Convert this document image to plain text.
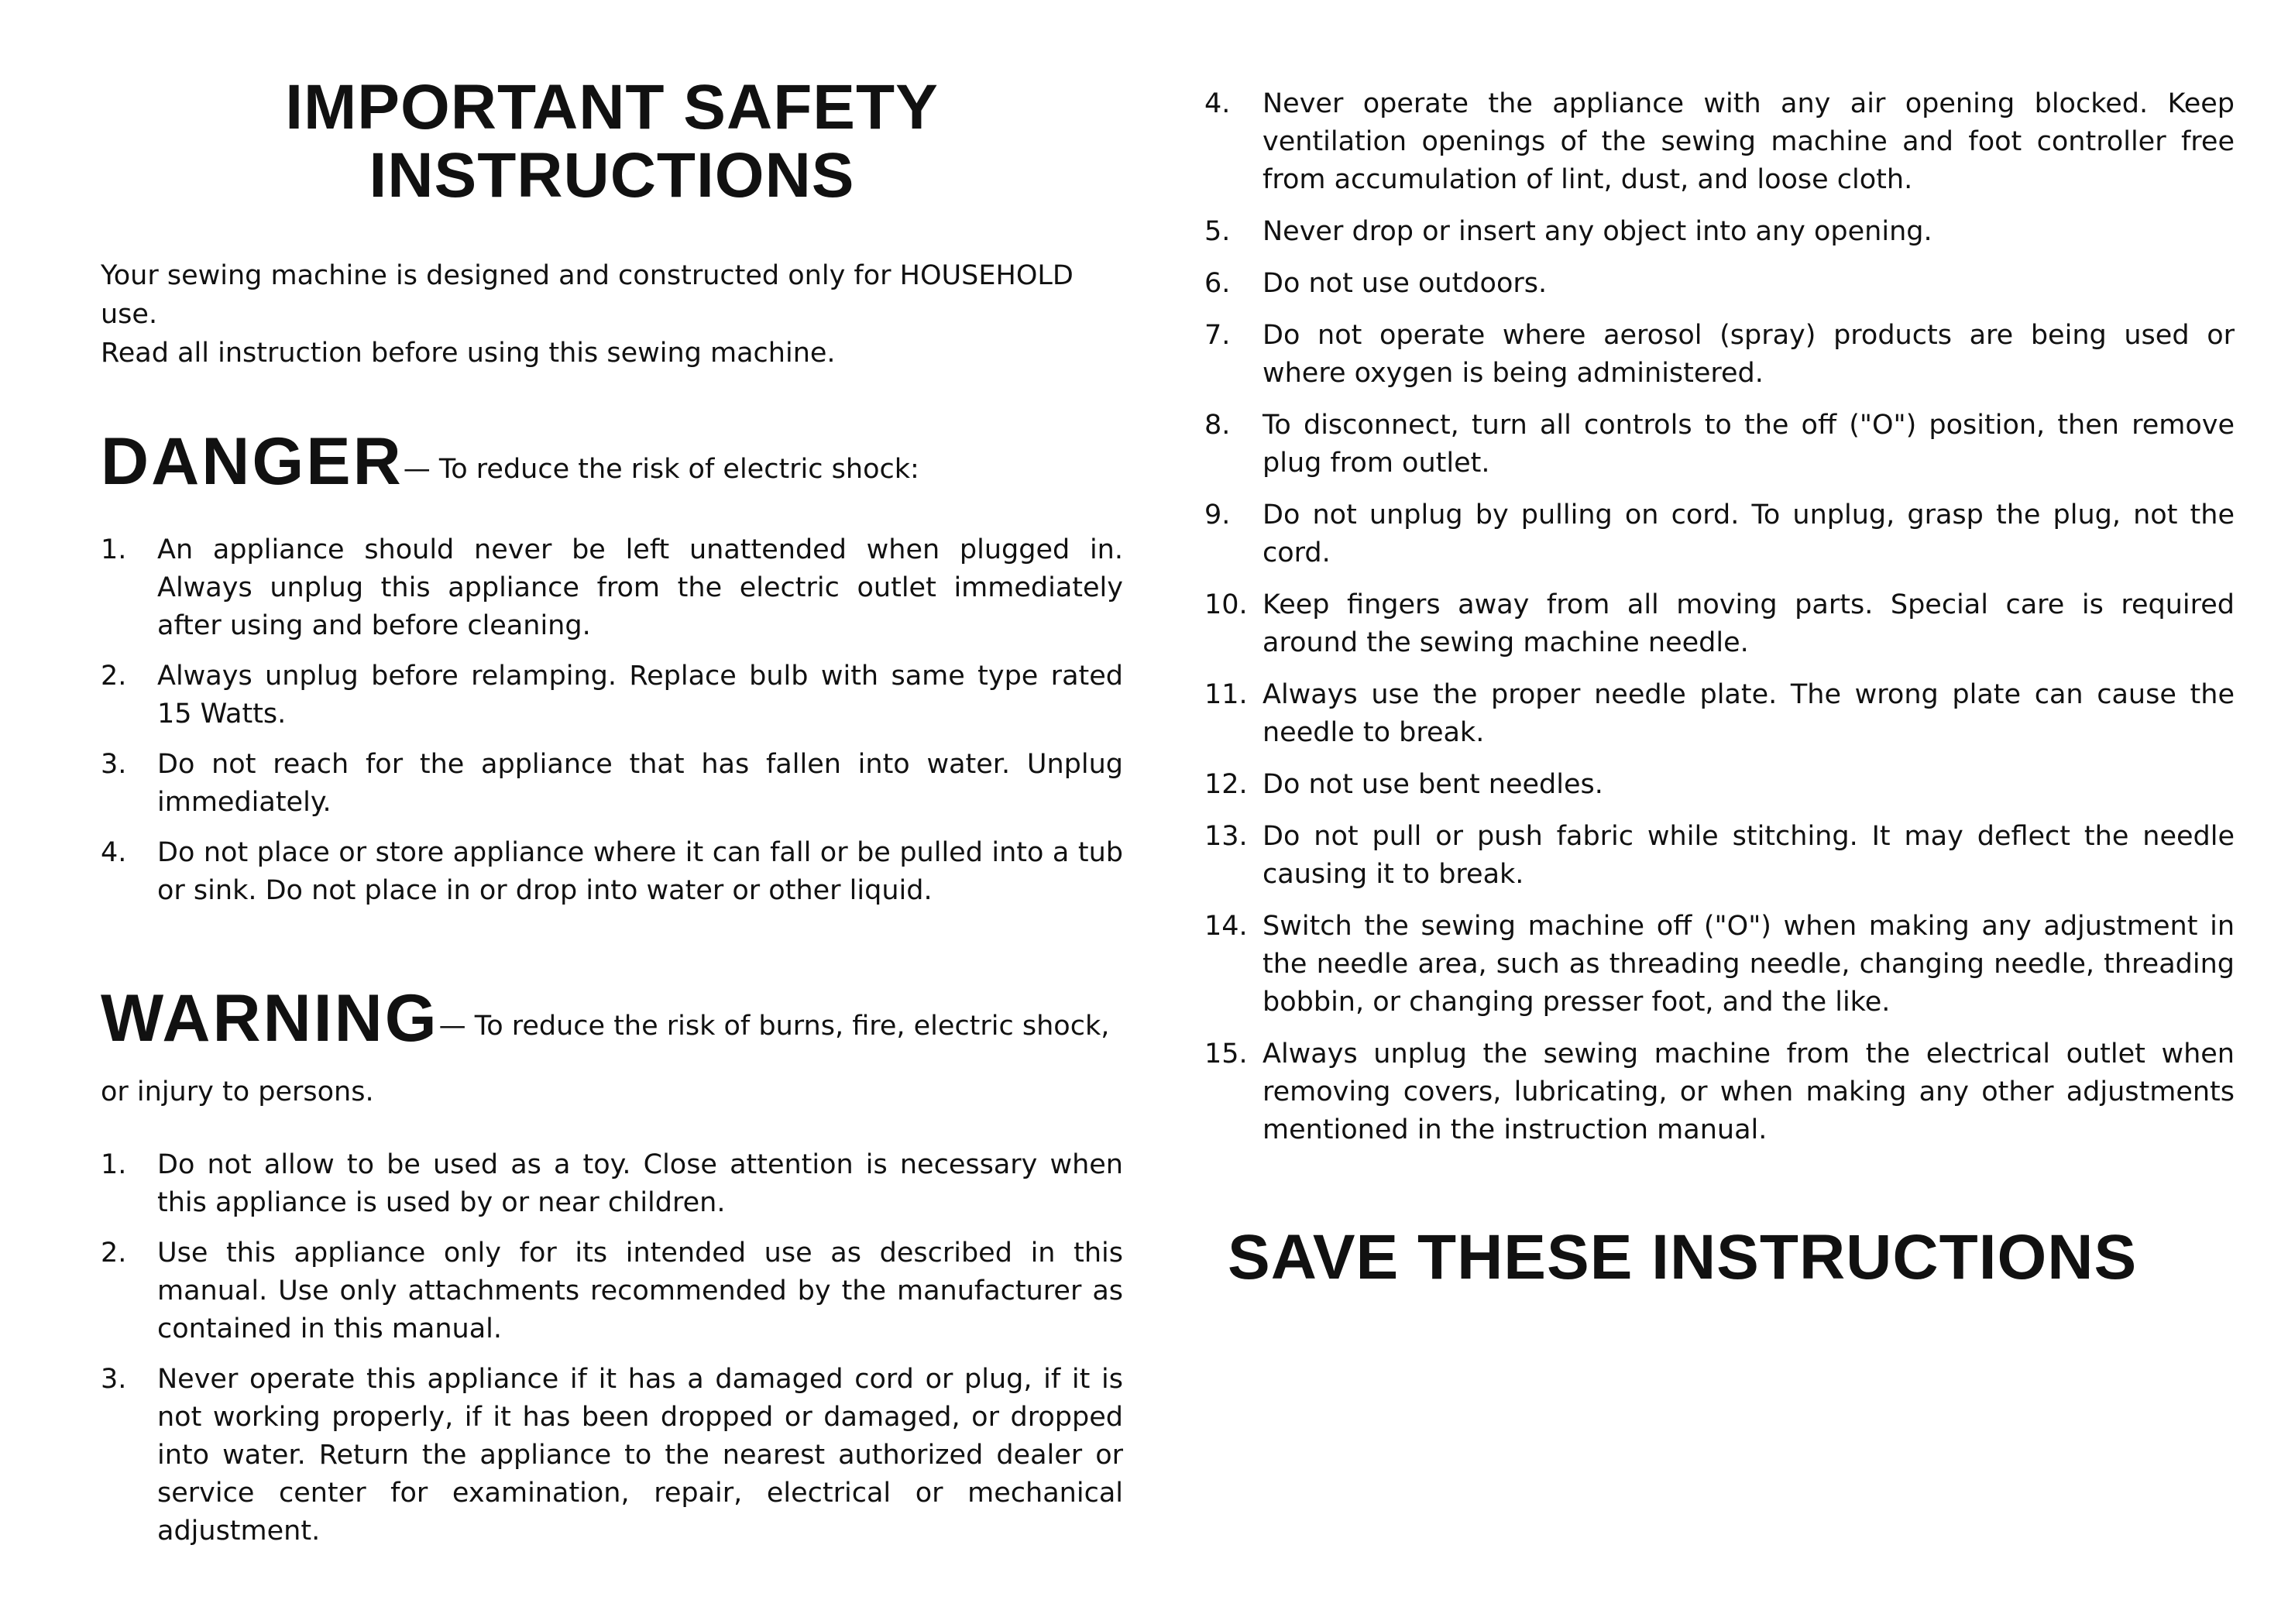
IMPORTANT SAFETY INSTRUCTIONS
Your sewing machine is designed and constructed only for HOUSEHOLD use.
Read all instruction before using this sewing machine.
DANGER— To reduce the risk of electric shock:
1. An appliance should never be left unattended when plugged in. Always unplug this appliance from the electric outlet immediately after using and before cleaning.
2. Always unplug before relamping. Replace bulb with same type rated 15 Watts.
3. Do not reach for the appliance that has fallen into water. Unplug immediately.
4. Do not place or store appliance where it can fall or be pulled into a tub or sink. Do not place in or drop into water or other liquid.
WARNING— To reduce the risk of burns, fire, electric shock,
or injury to persons.
1. Do not allow to be used as a toy. Close attention is necessary when this appliance is used by or near children.
2. Use this appliance only for its intended use as described in this manual. Use only attachments recommended by the manufacturer as contained in this manual.
3. Never operate this appliance if it has a damaged cord or plug, if it is not working properly, if it has been dropped or damaged, or dropped into water. Return the appliance to the nearest authorized dealer or service center for examination, repair, electrical or mechanical adjustment.
4. Never operate the appliance with any air opening blocked. Keep ventilation openings of the sewing machine and foot controller free from accumulation of lint, dust, and loose cloth.
5. Never drop or insert any object into any opening.
6. Do not use outdoors.
7. Do not operate where aerosol (spray) products are being used or where oxygen is being administered.
8. To disconnect, turn all controls to the off ("O") position, then remove plug from outlet.
9. Do not unplug by pulling on cord. To unplug, grasp the plug, not the cord.
10. Keep fingers away from all moving parts. Special care is required around the sewing machine needle.
11. Always use the proper needle plate. The wrong plate can cause the needle to break.
12. Do not use bent needles.
13. Do not pull or push fabric while stitching. It may deflect the needle causing it to break.
14. Switch the sewing machine off ("O") when making any adjustment in the needle area, such as threading needle, changing needle, threading bobbin, or changing presser foot, and the like.
15. Always unplug the sewing machine from the electrical outlet when removing covers, lubricating, or when making any other adjustments mentioned in the instruction manual.
SAVE THESE INSTRUCTIONS
